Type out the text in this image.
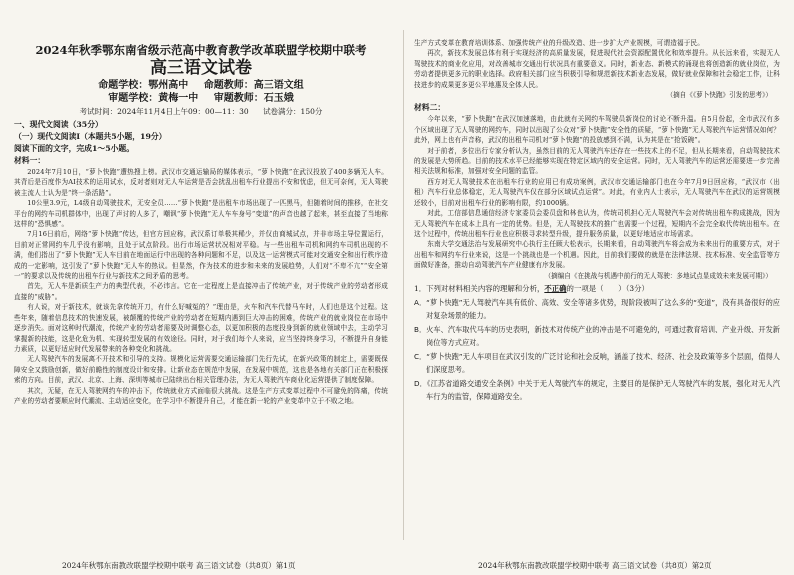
2024年秋季鄂东南省级示范高中教育教学改革联盟学校期中联考

高三语文试卷

命题学校：鄂州高中 命题教师：高三语文组

审题学校：黄梅一中 审题教师：石玉娥

考试时间：2024年11月4日上午09：00—11：30 试卷满分：150分

一、现代文阅读（35分）

（一）现代文阅读Ⅰ（本题共5小题，19分）

阅读下面的文字，完成1～5小题。

材料一：

2024年7月10日，“萝卜快跑”遭热搜上榜。武汉市交通运输局的媒体表示，“萝卜快跑”在武汉投放了400多辆无人车。其背后是百度作为AI技术的运用试水，反对者则对无人车运营是否会扰乱出租车行业提出不安和忧虑，但无可奈何，无人驾驶被主流人士认为是“终一条活路”。

10公里3.9元，L4级自动驾驶技术，无安全员……“萝卜快跑”是出租车市场出现了一匹黑马，但随着时间的推移，在社交平台的网约车司机群体中，出现了声讨的人多了，嘲讽“萝卜快跑”无人车车身号“变道”的声音也越了起来，甚至直接了当地称这样的“恐惧感”。

7月16日前后，网络“萝卜快跑”传达，但官方回应称，武汉系订单极其稀少，并仅由商城试点，并非市场主导位置运行，目前对正常网约车几乎没有影响，且处于试点阶段。出行市场运营状况相对平稳。与一些出租车司机和网约车司机出现的不满，他们指出了“萝卜快跑”无人车目前在地面运行中出现的各种问题和不足，以及这一运营模式可能对交通安全和出行秩序造成的一定影响，这引发了“萝卜快跑”无人车的热议。但显然，作为技术的进步和未来的发展趋势，人们对“不卑不亢”“安全第一”的要求以及传统的出租车行业与新技术之间矛盾的思考。

首先，无人车是新质生产力的典型代表，不必讳言。它在一定程度上是直接冲击了传统产业，对于传统产业的劳动者形成直接的“威胁”。

有人说，对于新技术，就该先拿传统开刀，有什么好喊冤的？”理由是，火车和汽车代替马车时，人们也是这个过程。这些年来，随着信息技术的快速发展，被颠覆的传统产业的劳动者在短期内遇到巨大冲击的困难，传统产业的就业岗位在市场中逐步消失。面对这种时代潮流，传统产业的劳动者需要及时调整心态，以更加积极的态度投身到新的就业领域中去，主动学习掌握新的技能，这是化危为机、实现转型发展的有效途径。同时，对于我们每个人来说，应当坚持终身学习，不断提升自身能力素质，以更好适应时代发展带来的各种变化和挑战。

无人驾驶汽车的发展离不开技术和引导的支持。规模化运营需要交通运输部门先行先试，在新兴政策的制定上，需要既保障安全又鼓励创新，做好前瞻性的制度设计和安排。让新业态在规范中发展，在发展中规范，这也是各地有关部门正在积极探索的方向。目前，武汉、北京、上海、深圳等城市已陆续出台相关管理办法，为无人驾驶汽车商业化运营提供了制度保障。

其次，无疑，在无人驾驶网约车的冲击下，传统就业方式面临很大挑战。这是生产方式变革过程中不可避免的阵痛，传统产业的劳动者要顺应时代潮流、主动适应变化，在学习中不断提升自己，才能在新一轮的产业变革中立于不败之地。

生产方式变革在教育培训体系、加强传统产业的升级改造、进一步扩大产业规模，可谓造福于民。

再次，新技术发展总体有利于实现经济的高质量发展，促进现代社会资源配置优化和效率提升。从长远来看，实现无人驾驶技术的商业化应用，对改善城市交通出行状况具有重要意义。同时，新业态、新模式的涌现也将创造新的就业岗位，为劳动者提供更多元的职业选择。政府相关部门应当积极引导和规范新技术新业态发展，做好就业保障和社会稳定工作，让科技进步的成果更多更公平地惠及全体人民。

（摘自《《萝卜快跑》引发的思考》）

材料二：

今年以来，“萝卜快跑”在武汉加速落地，由此就有关网约车驾驶员新岗位的讨论不断升温。自5月份起，全市武汉有多个区域出现了无人驾驶的网约车，同时以出现了公众对“萝卜快跑”安全性的质疑，“萝卜快跑”无人驾驶汽车运营情况如何？此外，网上也有声音称，武汉的出租车司机对“萝卜快跑”的投放感到不满，认为其是在“抢饭碗”。

对于前者，多位出行专家分析认为，虽然目前的无人驾驶汽车还存在一些技术上的不足，但从长期来看，自动驾驶技术的发展是大势所趋。目前的技术水平已经能够实现在特定区域内的安全运营。同时，无人驾驶汽车的运营还需要进一步完善相关法规和标准，加强对安全问题的监管。

西方对无人驾驶技术在出租车行业的应用已有成功案例，武汉市交通运输部门也在今年7月9日回应称，“武汉市（出租）汽车行业总体稳定，无人驾驶汽车仅在部分区域试点运营”。对此，有业内人士表示，无人驾驶汽车在武汉的运营规模还较小，目前对出租车行业的影响有限，约1000辆。

对此，工信部信息通信经济专家委员会委员盘和林也认为，传统司机担心无人驾驶汽车会对传统出租车构成挑战，因为无人驾驶汽车在成本上具有一定的优势。但是，无人驾驶技术的推广也需要一个过程，短期内不会完全取代传统出租车。在这个过程中，传统出租车行业也应积极寻求转型升级，提升服务质量，以更好地适应市场需求。

东南大学交通法治与发展研究中心执行主任顾大松表示，长期来看，自动驾驶汽车将会成为未来出行的重要方式，对于出租车和网约车行业来说，这是一个挑战也是一个机遇。因此，目前我们要做的就是在法律法规、技术标准、安全监管等方面做好准备，推动自动驾驶汽车产业健康有序发展。

（摘编自《在挑战与机遇中前行的无人驾驶：多地试点显成效未来发展可期》）

1．下列对材料相关内容的理解和分析，不正确的一项是（　　）（3分）

A．“萝卜快跑”无人驾驶汽车具有低价、高效、安全等诸多优势，现阶段被叫了这么多的“变道”，没有具备很好的应对复杂场景的能力。

B．火车、汽车取代马车的历史表明，新技术对传统产业的冲击是不可避免的，可通过教育培训、产业升级、开发新岗位等方式应对。

C．“萝卜快跑”无人车项目在武汉引发的广泛讨论和社会反响，涵盖了技术、经济、社会及政策等多个层面，值得人们深度思考。

D．《江苏省道路交通安全条例》中关于无人驾驶汽车的规定，主要目的是保护无人驾驶汽车的发展，强化对无人汽车行为的监管，保障道路安全。

2024年秋鄂东南教改联盟学校期中联考 高三语文试卷（共8页）第1页	2024年秋鄂东南教改联盟学校期中联考 高三语文试卷（共8页）第2页
